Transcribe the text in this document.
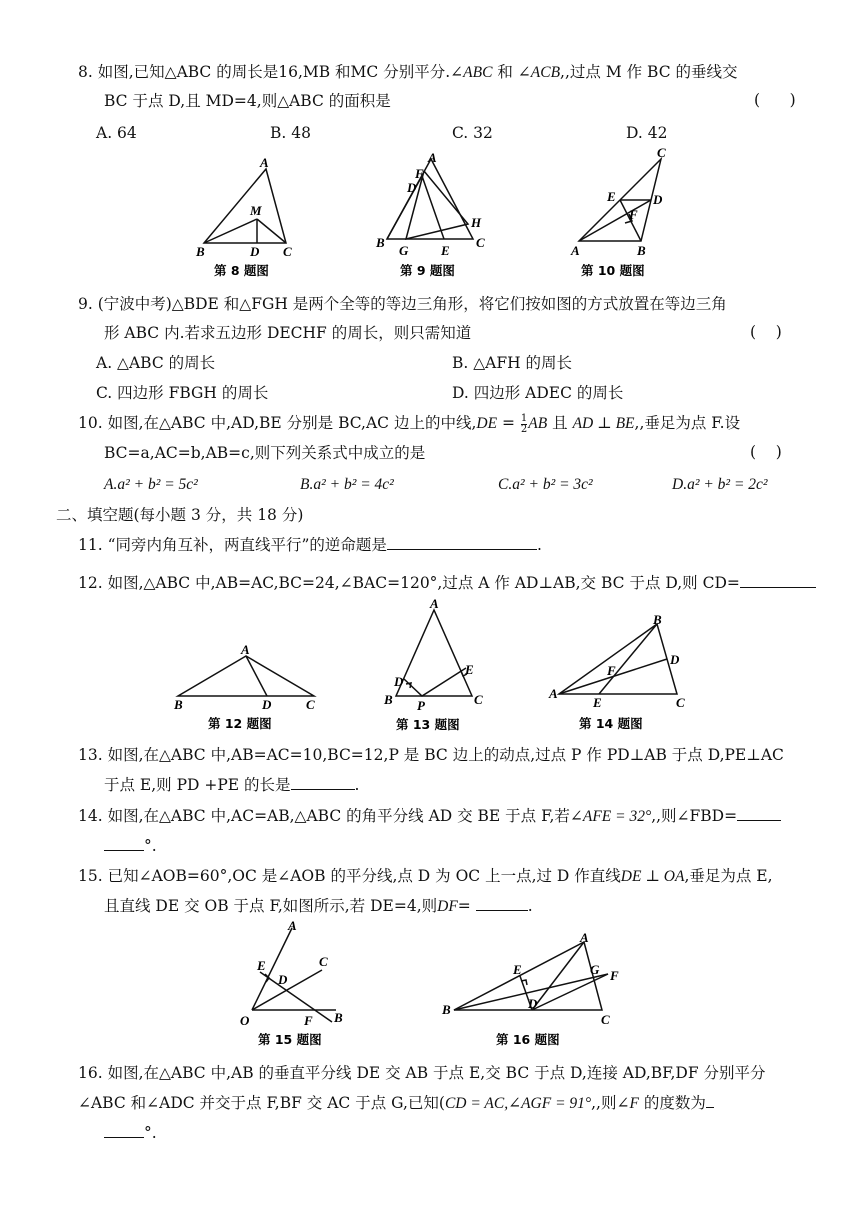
8. 如图,已知△ABC 的周长是16,MB 和MC 分别平分.∠ABC 和 ∠ACB,,过点 M 作 BC 的垂线交
BC 于点 D,且 MD=4,则△ABC 的面积是	(      )
A. 64	B. 48	C. 32	D. 42
A
M
B	D C
第 8 题图
A
F
D
H
B
G	E
C
第 9 题图
C
E	D
F
A	B
第 10 题图
9. (宁波中考)△BDE 和△FGH 是两个全等的等边三角形，将它们按如图的方式放置在等边三角
形 ABC 内.若求五边形 DECHF 的周长，则只需知道	(    )
A. △ABC 的周长	B. △AFH 的周长
C. 四边形 FBGH 的周长	D. 四边形 ADEC 的周长
10. 如图,在△ABC 中,AD,BE 分别是 BC,AC 边上的中线$,DE = \frac{1}{2}$ AB 且 AD ⊥ BE,,垂足为点 F.设
BC=a,AC=b,AB=c,则下列关系式中成立的是	(    )
A.a² + b² = 5c²	B.a² + b² = 4c²	C.a² + b² = 3c²	D.a² + b² = 2c²
二、填空题(每小题 3 分，共 18 分)
11. “同旁内角互补，两直线平行”的逆命题是	.
12. 如图,△ABC 中,AB=AC,BC=24,∠BAC=120°,过点 A 作 AD⊥AB,交 BC 于点 D,则 CD=
A
B	D	C
第 12 题图
A
D
E
B P	C
第 13 题图
B
D
F
A
E	C
第 14 题图
13. 如图,在△ABC 中,AB=AC=10,BC=12,P 是 BC 边上的动点,过点 P 作 PD⊥AB 于点 D,PE⊥AC
于点 E,则 PD +PE 的长是	.
14. 如图,在△ABC 中,AC=AB,△ABC 的角平分线 AD 交 BE 于点 F,若∠AFE = 32°,,则∠FBD=
°.
15. 已知∠AOB=60°,OC 是∠AOB 的平分线,点 D 为 OC 上一点,过 D 作直线DE ⊥ OA,垂足为点 E,
且直线 DE 交 OB 于点 F,如图所示,若 DE=4,则DF=	.
A
C
E
D
O	F B
第 15 题图
A
G F
E
B	D
C
第 16 题图
16. 如图,在△ABC 中,AB 的垂直平分线 DE 交 AB 于点 E,交 BC 于点 D,连接 AD,BF,DF 分别平分
∠ABC 和∠ADC 并交于点 F,BF 交 AC 于点 G,已知(CD = AC,∠AGF = 91°,,则∠F 的度数为
°.
